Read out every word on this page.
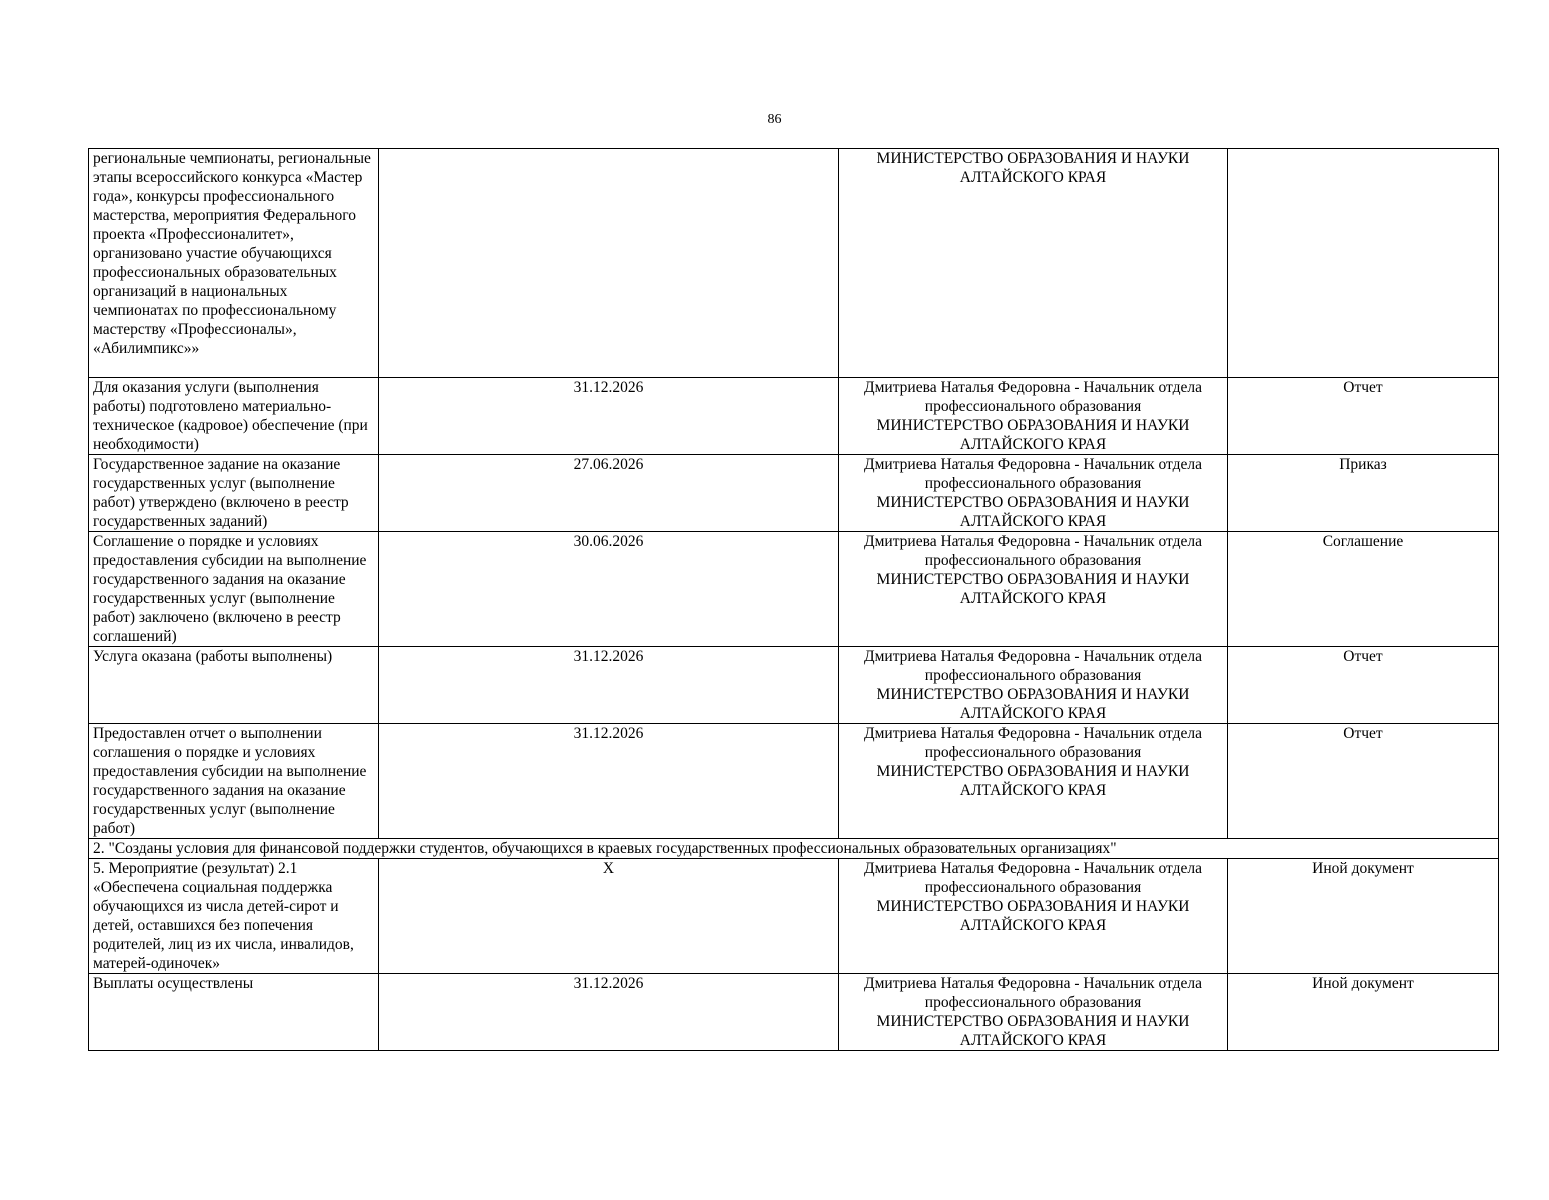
86
региональные чемпионаты, региональные этапы всероссийского конкурса «Мастер года», конкурсы профессионального мастерства, мероприятия Федерального проекта «Профессионалитет», организовано участие обучающихся профессиональных образовательных организаций в национальных чемпионатах по профессиональному мастерству «Профессионалы», «Абилимпикс»»		МИНИСТЕРСТВО ОБРАЗОВАНИЯ И НАУКИ АЛТАЙСКОГО КРАЯ	

Для оказания услуги (выполнения работы) подготовлено материально-техническое (кадровое) обеспечение (при необходимости)	31.12.2026	Дмитриева Наталья Федоровна - Начальник отдела
профессионального образования
МИНИСТЕРСТВО ОБРАЗОВАНИЯ И НАУКИ АЛТАЙСКОГО КРАЯ	Отчет
Государственное задание на оказание государственных услуг (выполнение работ) утверждено (включено в реестр государственных заданий)	27.06.2026	Дмитриева Наталья Федоровна - Начальник отдела
профессионального образования
МИНИСТЕРСТВО ОБРАЗОВАНИЯ И НАУКИ АЛТАЙСКОГО КРАЯ	Приказ
Соглашение о порядке и условиях предоставления субсидии на выполнение государственного задания на оказание государственных услуг (выполнение работ) заключено (включено в реестр соглашений)	30.06.2026	Дмитриева Наталья Федоровна - Начальник отдела
профессионального образования
МИНИСТЕРСТВО ОБРАЗОВАНИЯ И НАУКИ АЛТАЙСКОГО КРАЯ	Соглашение
Услуга оказана (работы выполнены)	31.12.2026	Дмитриева Наталья Федоровна - Начальник отдела
профессионального образования
МИНИСТЕРСТВО ОБРАЗОВАНИЯ И НАУКИ АЛТАЙСКОГО КРАЯ	Отчет
Предоставлен отчет о выполнении соглашения о порядке и условиях предоставления субсидии на выполнение государственного задания на оказание государственных услуг (выполнение работ)	31.12.2026	Дмитриева Наталья Федоровна - Начальник отдела
профессионального образования
МИНИСТЕРСТВО ОБРАЗОВАНИЯ И НАУКИ АЛТАЙСКОГО КРАЯ	Отчет
2. "Созданы условия для финансовой поддержки студентов, обучающихся в краевых государственных профессиональных образовательных организациях"			
5. Мероприятие (результат) 2.1 «Обеспечена социальная поддержка обучающихся из числа детей-сирот и детей, оставшихся без попечения родителей, лиц из их числа, инвалидов, матерей-одиночек»	X	Дмитриева Наталья Федоровна - Начальник отдела
профессионального образования
МИНИСТЕРСТВО ОБРАЗОВАНИЯ И НАУКИ АЛТАЙСКОГО КРАЯ	Иной документ
Выплаты осуществлены	31.12.2026	Дмитриева Наталья Федоровна - Начальник отдела
профессионального образования
МИНИСТЕРСТВО ОБРАЗОВАНИЯ И НАУКИ АЛТАЙСКОГО КРАЯ	Иной документ
